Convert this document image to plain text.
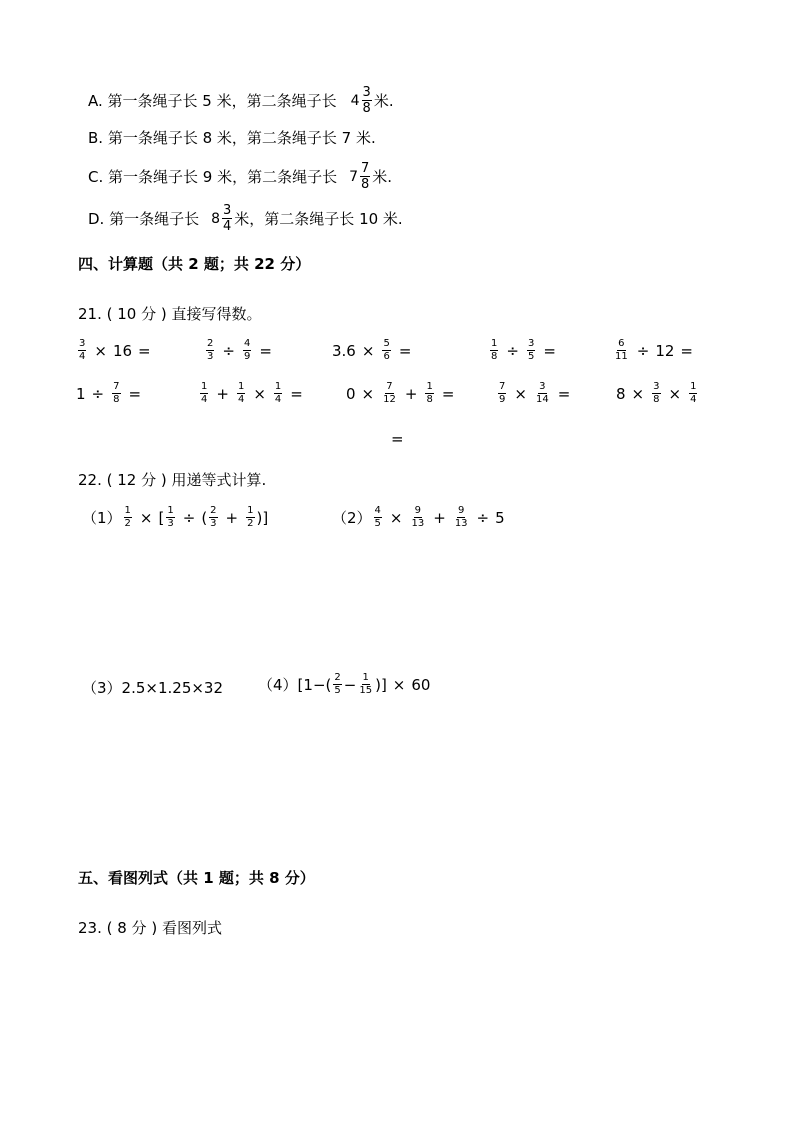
A. 第一条绳子长 5 米，第二条绳子长 $4 \frac{3}{8}$ 米.
B. 第一条绳子长 8 米，第二条绳子长 7 米.
C. 第一条绳子长 9 米，第二条绳子长 $7 \frac{7}{8}$ 米.
D. 第一条绳子长 $8 \frac{3}{4}$ 米，第二条绳子长 10 米.
四、计算题（共 2 题；共 22 分）
21. ( 10 分 ) 直接写得数。
$\frac{3}{4} \times 16$ =	$\frac{2}{3} \div \frac{4}{9}$ =	$3.6 \times \frac{5}{6}$ =	$\frac{1}{8} \div \frac{3}{5}$ =	$\frac{6}{11} \div 12$ =
$1 \div \frac{7}{8}$ =	$\frac{1}{4} + \frac{1}{4} \times \frac{1}{4}$ =	$0 \times \frac{7}{12} + \frac{1}{8}$ =	$\frac{7}{9} \times \frac{3}{14}$ =	$8 \times \frac{3}{8} \times \frac{1}{4}$
=
22. ( 12 分 ) 用递等式计算.
$(1) \frac{1}{2}$ × [ $\frac{1}{3}$ ÷ ( $\frac{2}{3} + \frac{1}{2}$ ) ]	$(2) \frac{4}{5} \times \frac{9}{13} + \frac{9}{13} \div 5$
（3） 2.5×1.25×32 （4） [ 1 − ( $\frac{2}{5} - \frac{1}{15}$ ) ] × 60
五、看图列式（共 1 题；共 8 分）
23. ( 8 分 ) 看图列式
